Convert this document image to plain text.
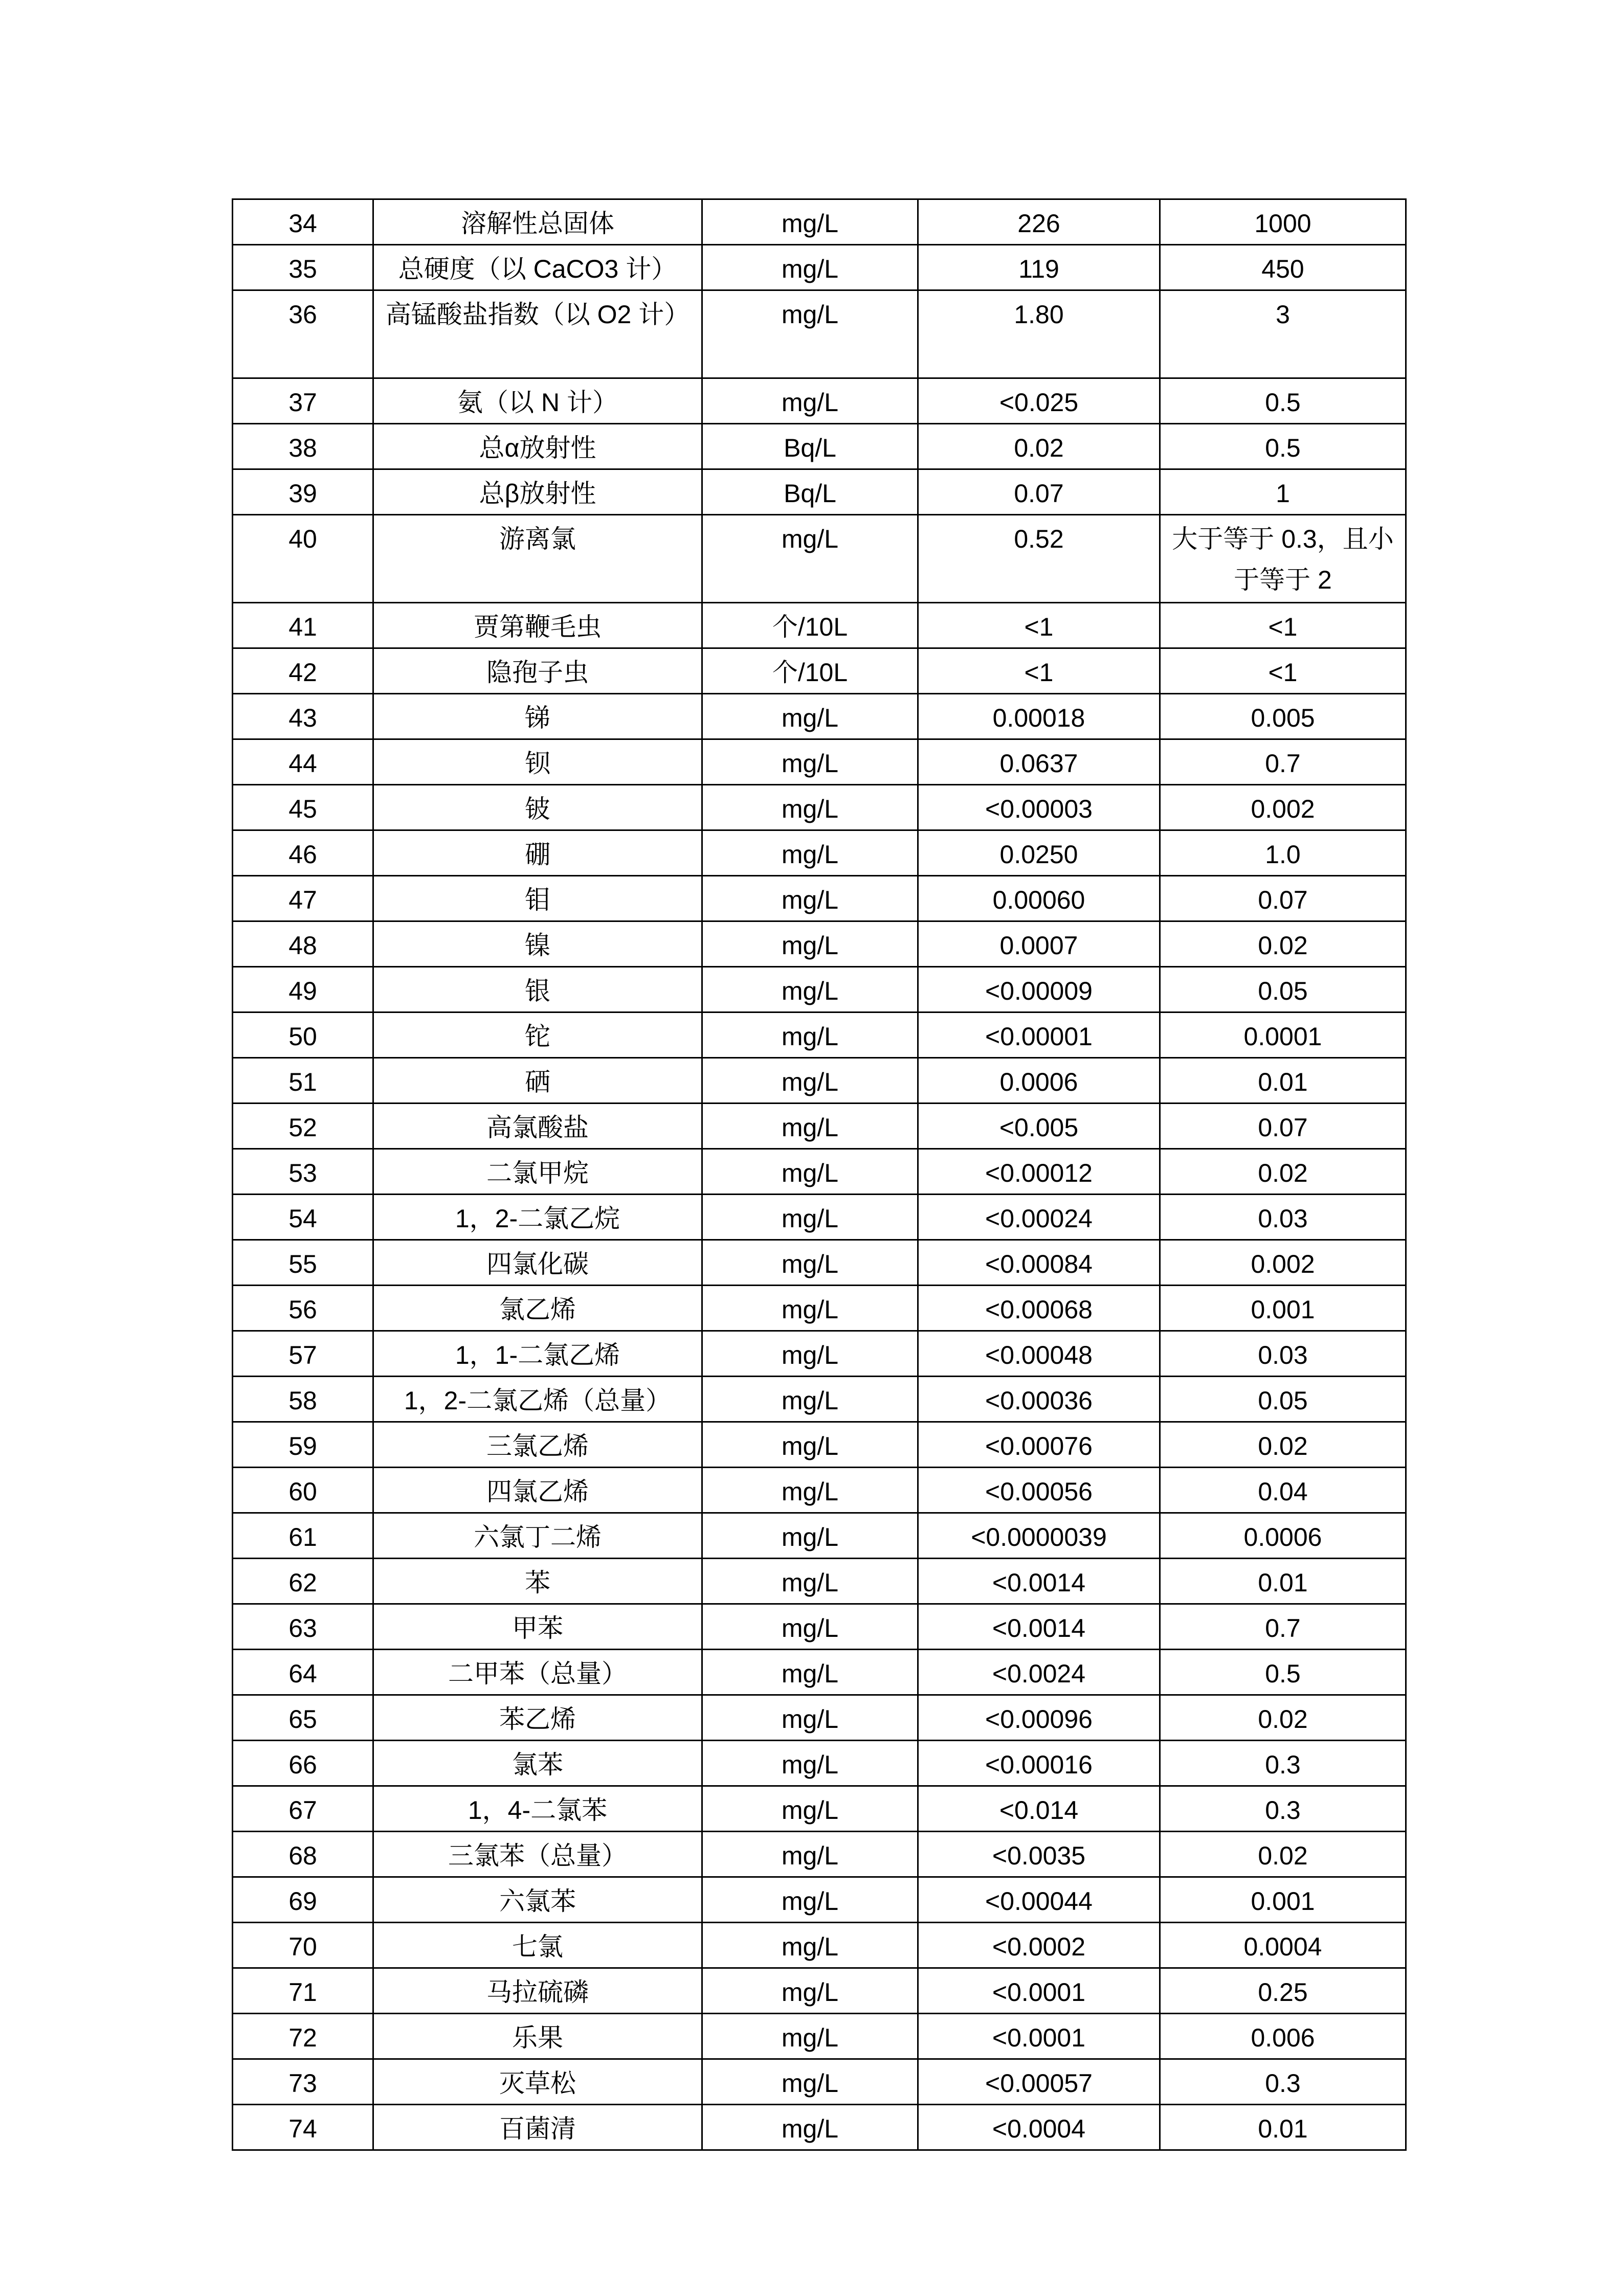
34	溶解性总固体	mg/L	226	1000
35	总硬度（以 CaCO3 计）	mg/L	119	450
36	高锰酸盐指数（以 O2 计）	mg/L	1.80	3
37	氨（以 N 计）	mg/L	<0.025	0.5
38	总α放射性	Bq/L	0.02	0.5
39	总β放射性	Bq/L	0.07	1
40	游离氯	mg/L	0.52	大于等于 0.3，且小于等于 2
41	贾第鞭毛虫	个/10L	<1	<1
42	隐孢子虫	个/10L	<1	<1
43	锑	mg/L	0.00018	0.005
44	钡	mg/L	0.0637	0.7
45	铍	mg/L	<0.00003	0.002
46	硼	mg/L	0.0250	1.0
47	钼	mg/L	0.00060	0.07
48	镍	mg/L	0.0007	0.02
49	银	mg/L	<0.00009	0.05
50	铊	mg/L	<0.00001	0.0001
51	硒	mg/L	0.0006	0.01
52	高氯酸盐	mg/L	<0.005	0.07
53	二氯甲烷	mg/L	<0.00012	0.02
54	1，2-二氯乙烷	mg/L	<0.00024	0.03
55	四氯化碳	mg/L	<0.00084	0.002
56	氯乙烯	mg/L	<0.00068	0.001
57	1，1-二氯乙烯	mg/L	<0.00048	0.03
58	1，2-二氯乙烯（总量）	mg/L	<0.00036	0.05
59	三氯乙烯	mg/L	<0.00076	0.02
60	四氯乙烯	mg/L	<0.00056	0.04
61	六氯丁二烯	mg/L	<0.0000039	0.0006
62	苯	mg/L	<0.0014	0.01
63	甲苯	mg/L	<0.0014	0.7
64	二甲苯（总量）	mg/L	<0.0024	0.5
65	苯乙烯	mg/L	<0.00096	0.02
66	氯苯	mg/L	<0.00016	0.3
67	1，4-二氯苯	mg/L	<0.014	0.3
68	三氯苯（总量）	mg/L	<0.0035	0.02
69	六氯苯	mg/L	<0.00044	0.001
70	七氯	mg/L	<0.0002	0.0004
71	马拉硫磷	mg/L	<0.0001	0.25
72	乐果	mg/L	<0.0001	0.006
73	灭草松	mg/L	<0.00057	0.3
74	百菌清	mg/L	<0.0004	0.01
